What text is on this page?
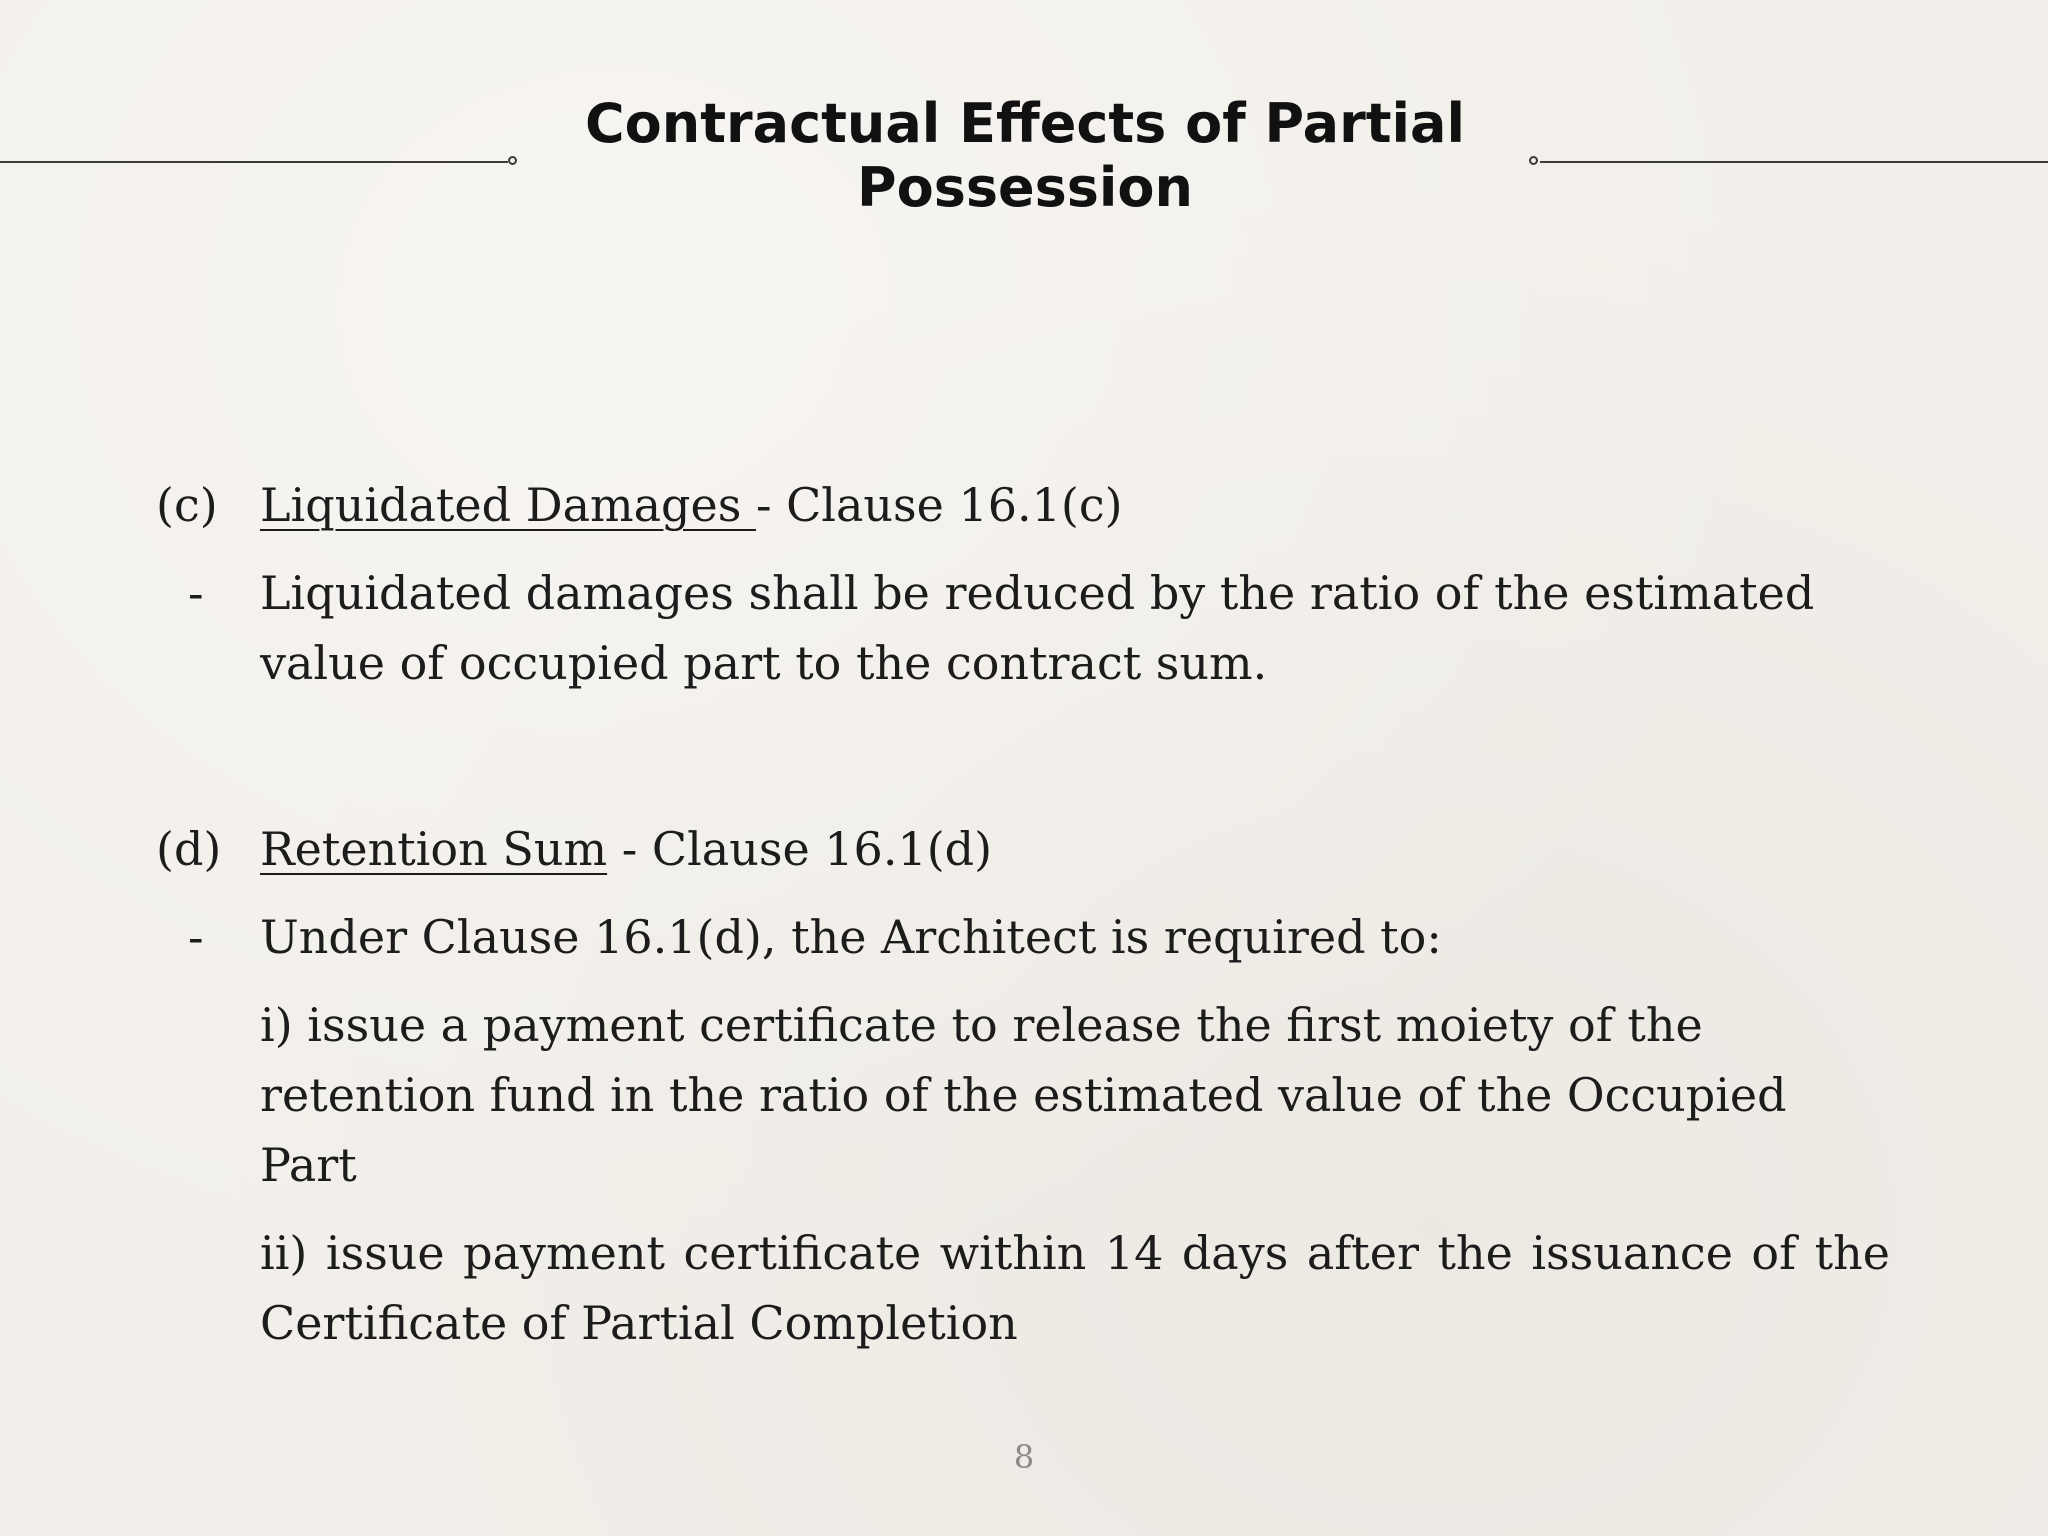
Contractual Effects of Partial Possession
(c) Liquidated Damages - Clause 16.1(c)
- Liquidated damages shall be reduced by the ratio of the estimated value of occupied part to the contract sum.
(d) Retention Sum - Clause 16.1(d)
- Under Clause 16.1(d), the Architect is required to:
i) issue a payment certificate to release the first moiety of the retention fund in the ratio of the estimated value of the Occupied Part
ii) issue payment certificate within 14 days after the issuance of the Certificate of Partial Completion
8
